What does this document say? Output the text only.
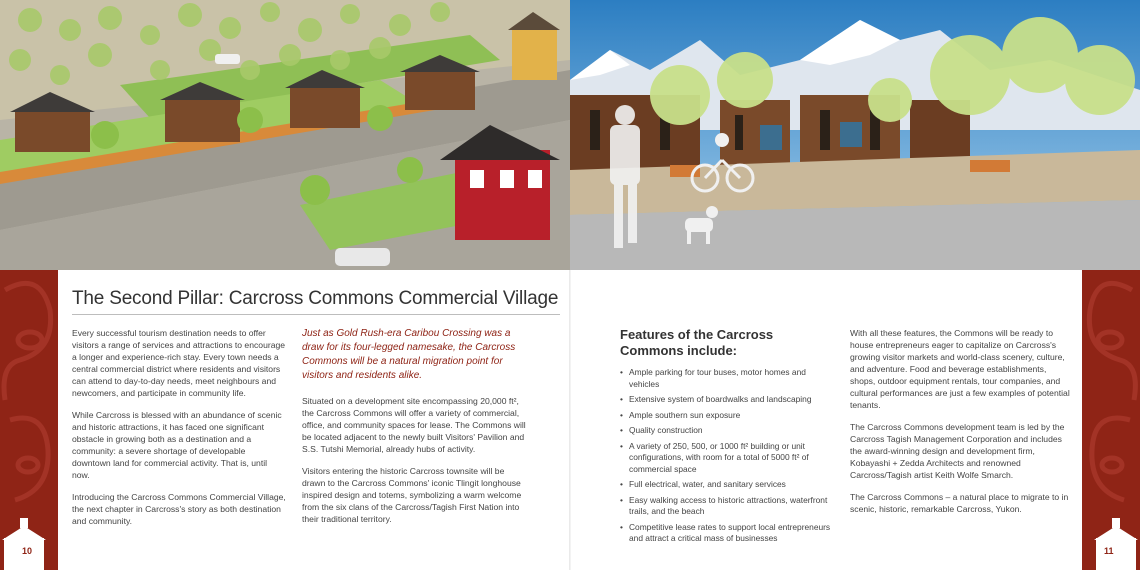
10	11
The Second Pillar: Carcross Commons Commercial Village

Every successful tourism destination needs to offer visitors a range of services and attractions to encourage a longer and experience-rich stay. Every town needs a central commercial district where residents and visitors can attend to day-to-day needs, meet neighbours and newcomers, and participate in community life.

While Carcross is blessed with an abundance of scenic and historic attractions, it has faced one significant obstacle in growing both as a destination and a community: a severe shortage of developable downtown land for commercial activity. That is, until now.

Introducing the Carcross Commons Commercial Village, the next chapter in Carcross's story as both destination and community.

Just as Gold Rush-era Caribou Crossing was a draw for its four-legged namesake, the Carcross Commons will be a natural migration point for visitors and residents alike.

Situated on a development site encompassing 20,000 ft², the Carcross Commons will offer a variety of commercial, office, and community spaces for lease. The Commons will be located adjacent to the newly built Visitors' Pavilion and S.S. Tutshi Memorial, already hubs of activity.

Visitors entering the historic Carcross townsite will be drawn to the Carcross Commons' iconic Tlingit longhouse inspired design and totems, symbolizing a warm welcome from the six clans of the Carcross/Tagish First Nation into their traditional territory.

Features of the Carcross Commons include:
• Ample parking for tour buses, motor homes and vehicles
• Extensive system of boardwalks and landscaping
• Ample southern sun exposure
• Quality construction
• A variety of 250, 500, or 1000 ft² building or unit configurations, with room for a total of 5000 ft² of commercial space
• Full electrical, water, and sanitary services
• Easy walking access to historic attractions, waterfront trails, and the beach
• Competitive lease rates to support local entrepreneurs and attract a critical mass of businesses

With all these features, the Commons will be ready to house entrepreneurs eager to capitalize on Carcross's growing visitor markets and world-class scenery, culture, and adventure. Food and beverage establishments, shops, outdoor equipment rentals, tour companies, and cultural performances are just a few examples of potential tenants.

The Carcross Commons development team is led by the Carcross Tagish Management Corporation and includes the award-winning design and development firm, Kobayashi + Zedda Architects and renowned Carcross/Tagish artist Keith Wolfe Smarch.

The Carcross Commons – a natural place to migrate to in scenic, historic, remarkable Carcross, Yukon.
